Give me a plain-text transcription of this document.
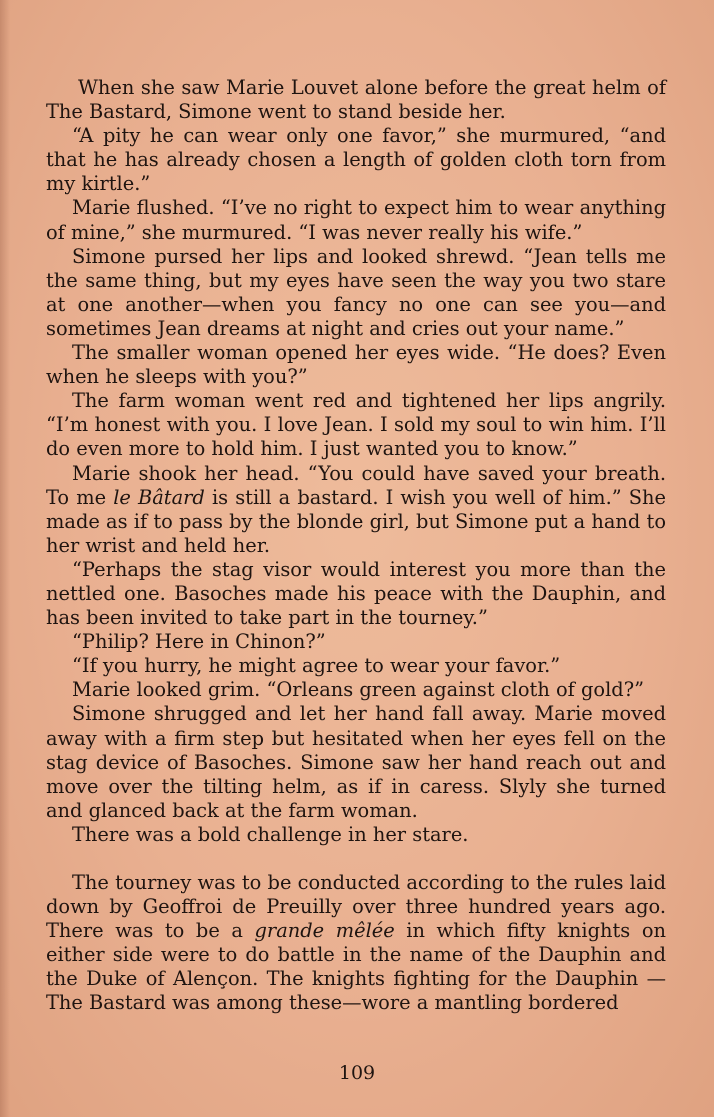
When she saw Marie Louvet alone before the great helm of The Bastard, Simone went to stand beside her.

“A pity he can wear only one favor,” she murmured, “and that he has already chosen a length of golden cloth torn from my kirtle.”

Marie flushed. “I’ve no right to expect him to wear anything of mine,” she murmured. “I was never really his wife.”

Simone pursed her lips and looked shrewd. “Jean tells me the same thing, but my eyes have seen the way you two stare at one another—when you fancy no one can see you—and sometimes Jean dreams at night and cries out your name.”

The smaller woman opened her eyes wide. “He does? Even when he sleeps with you?”

The farm woman went red and tightened her lips angrily. “I’m honest with you. I love Jean. I sold my soul to win him. I’ll do even more to hold him. I just wanted you to know.”

Marie shook her head. “You could have saved your breath. To me le Bâtard is still a bastard. I wish you well of him.” She made as if to pass by the blonde girl, but Simone put a hand to her wrist and held her.

“Perhaps the stag visor would interest you more than the nettled one. Basoches made his peace with the Dauphin, and has been invited to take part in the tourney.”

“Philip? Here in Chinon?”

“If you hurry, he might agree to wear your favor.”

Marie looked grim. “Orleans green against cloth of gold?”

Simone shrugged and let her hand fall away. Marie moved away with a firm step but hesitated when her eyes fell on the stag device of Basoches. Simone saw her hand reach out and move over the tilting helm, as if in caress. Slyly she turned and glanced back at the farm woman.

There was a bold challenge in her stare.

The tourney was to be conducted according to the rules laid down by Geoffroi de Preuilly over three hundred years ago. There was to be a grande mêlée in which fifty knights on either side were to do battle in the name of the Dauphin and the Duke of Alençon. The knights fighting for the Dauphin —The Bastard was among these—wore a mantling bordered

109
